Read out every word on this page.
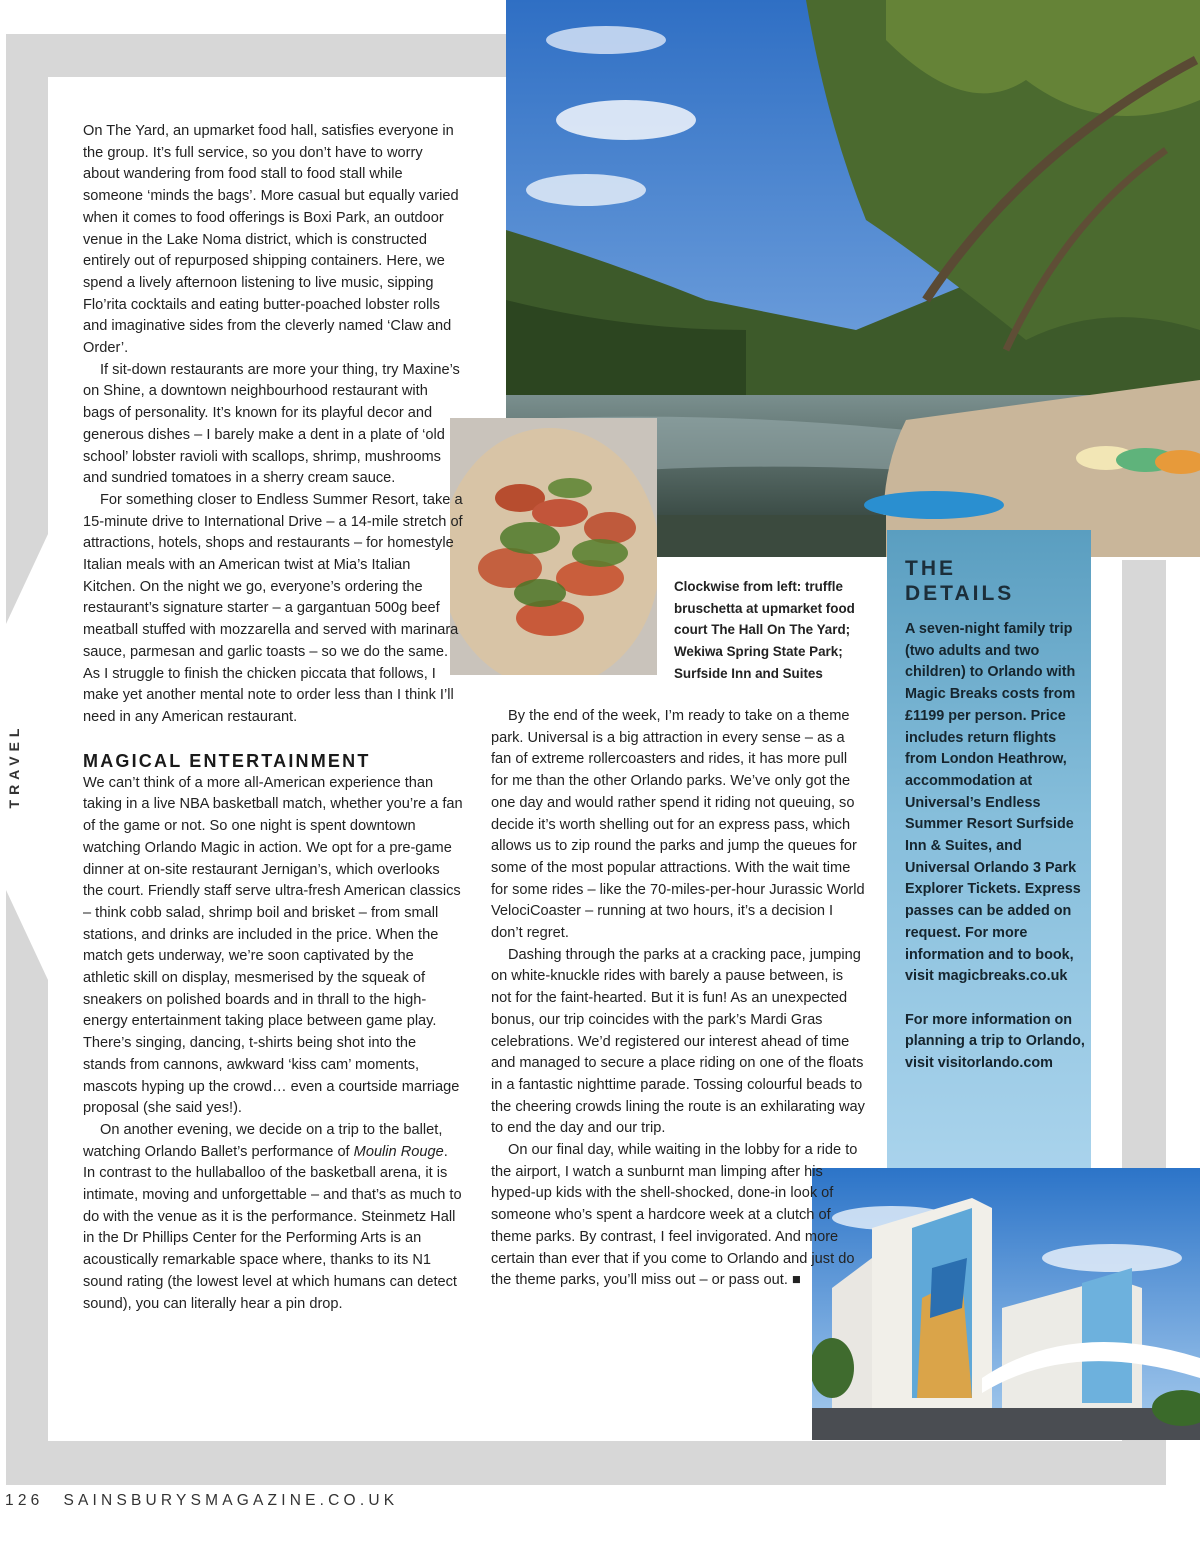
On The Yard, an upmarket food hall, satisfies everyone in the group. It’s full service, so you don’t have to worry about wandering from food stall to food stall while someone ‘minds the bags’. More casual but equally varied when it comes to food offerings is Boxi Park, an outdoor venue in the Lake Noma district, which is constructed entirely out of repurposed shipping containers. Here, we spend a lively afternoon listening to live music, sipping Flo’rita cocktails and eating butter-poached lobster rolls and imaginative sides from the cleverly named ‘Claw and Order’.

If sit-down restaurants are more your thing, try Maxine’s on Shine, a downtown neighbourhood restaurant with bags of personality. It’s known for its playful decor and generous dishes – I barely make a dent in a plate of ‘old school’ lobster ravioli with scallops, shrimp, mushrooms and sundried tomatoes in a sherry cream sauce.

For something closer to Endless Summer Resort, take a 15-minute drive to International Drive – a 14-mile stretch of attractions, hotels, shops and restaurants – for homestyle Italian meals with an American twist at Mia’s Italian Kitchen. On the night we go, everyone’s ordering the restaurant’s signature starter – a gargantuan 500g beef meatball stuffed with mozzarella and served with marinara sauce, parmesan and garlic toasts – so we do the same. As I struggle to finish the chicken piccata that follows, I make yet another mental note to order less than I think I’ll need in any American restaurant.

MAGICAL ENTERTAINMENT

We can’t think of a more all-American experience than taking in a live NBA basketball match, whether you’re a fan of the game or not. So one night is spent downtown watching Orlando Magic in action. We opt for a pre-game dinner at on-site restaurant Jernigan’s, which overlooks the court. Friendly staff serve ultra-fresh American classics – think cobb salad, shrimp boil and brisket – from small stations, and drinks are included in the price. When the match gets underway, we’re soon captivated by the athletic skill on display, mesmerised by the squeak of sneakers on polished boards and in thrall to the high-energy entertainment taking place between game play. There’s singing, dancing, t-shirts being shot into the stands from cannons, awkward ‘kiss cam’ moments, mascots hyping up the crowd… even a courtside marriage proposal (she said yes!).

On another evening, we decide on a trip to the ballet, watching Orlando Ballet’s performance of Moulin Rouge. In contrast to the hullaballoo of the basketball arena, it is intimate, moving and unforgettable – and that’s as much to do with the venue as it is the performance. Steinmetz Hall in the Dr Phillips Center for the Performing Arts is an acoustically remarkable space where, thanks to its N1 sound rating (the lowest level at which humans can detect sound), you can literally hear a pin drop.

Clockwise from left: truffle bruschetta at upmarket food court The Hall On The Yard; Wekiwa Spring State Park; Surfside Inn and Suites

By the end of the week, I’m ready to take on a theme park. Universal is a big attraction in every sense – as a fan of extreme rollercoasters and rides, it has more pull for me than the other Orlando parks. We’ve only got the one day and would rather spend it riding not queuing, so decide it’s worth shelling out for an express pass, which allows us to zip round the parks and jump the queues for some of the most popular attractions. With the wait time for some rides – like the 70-miles-per-hour Jurassic World VelociCoaster – running at two hours, it’s a decision I don’t regret.

Dashing through the parks at a cracking pace, jumping on white-knuckle rides with barely a pause between, is not for the faint-hearted. But it is fun! As an unexpected bonus, our trip coincides with the park’s Mardi Gras celebrations. We’d registered our interest ahead of time and managed to secure a place riding on one of the floats in a fantastic nighttime parade. Tossing colourful beads to the cheering crowds lining the route is an exhilarating way to end the day and our trip.

On our final day, while waiting in the lobby for a ride to the airport, I watch a sunburnt man limping after his hyped-up kids with the shell-shocked, done-in look of someone who’s spent a hardcore week at a clutch of theme parks. By contrast, I feel invigorated. And more certain than ever that if you come to Orlando and just do the theme parks, you’ll miss out – or pass out. ■

THE
DETAILS

A seven-night family trip (two adults and two children) to Orlando with Magic Breaks costs from £1199 per person. Price includes return flights from London Heathrow, accommodation at Universal’s Endless Summer Resort Surfside Inn & Suites, and Universal Orlando 3 Park Explorer Tickets. Express passes can be added on request. For more information and to book, visit magicbreaks.co.uk

For more information on planning a trip to Orlando, visit visitorlando.com

TRAVEL
126 SAINSBURYSMAGAZINE.CO.UK
